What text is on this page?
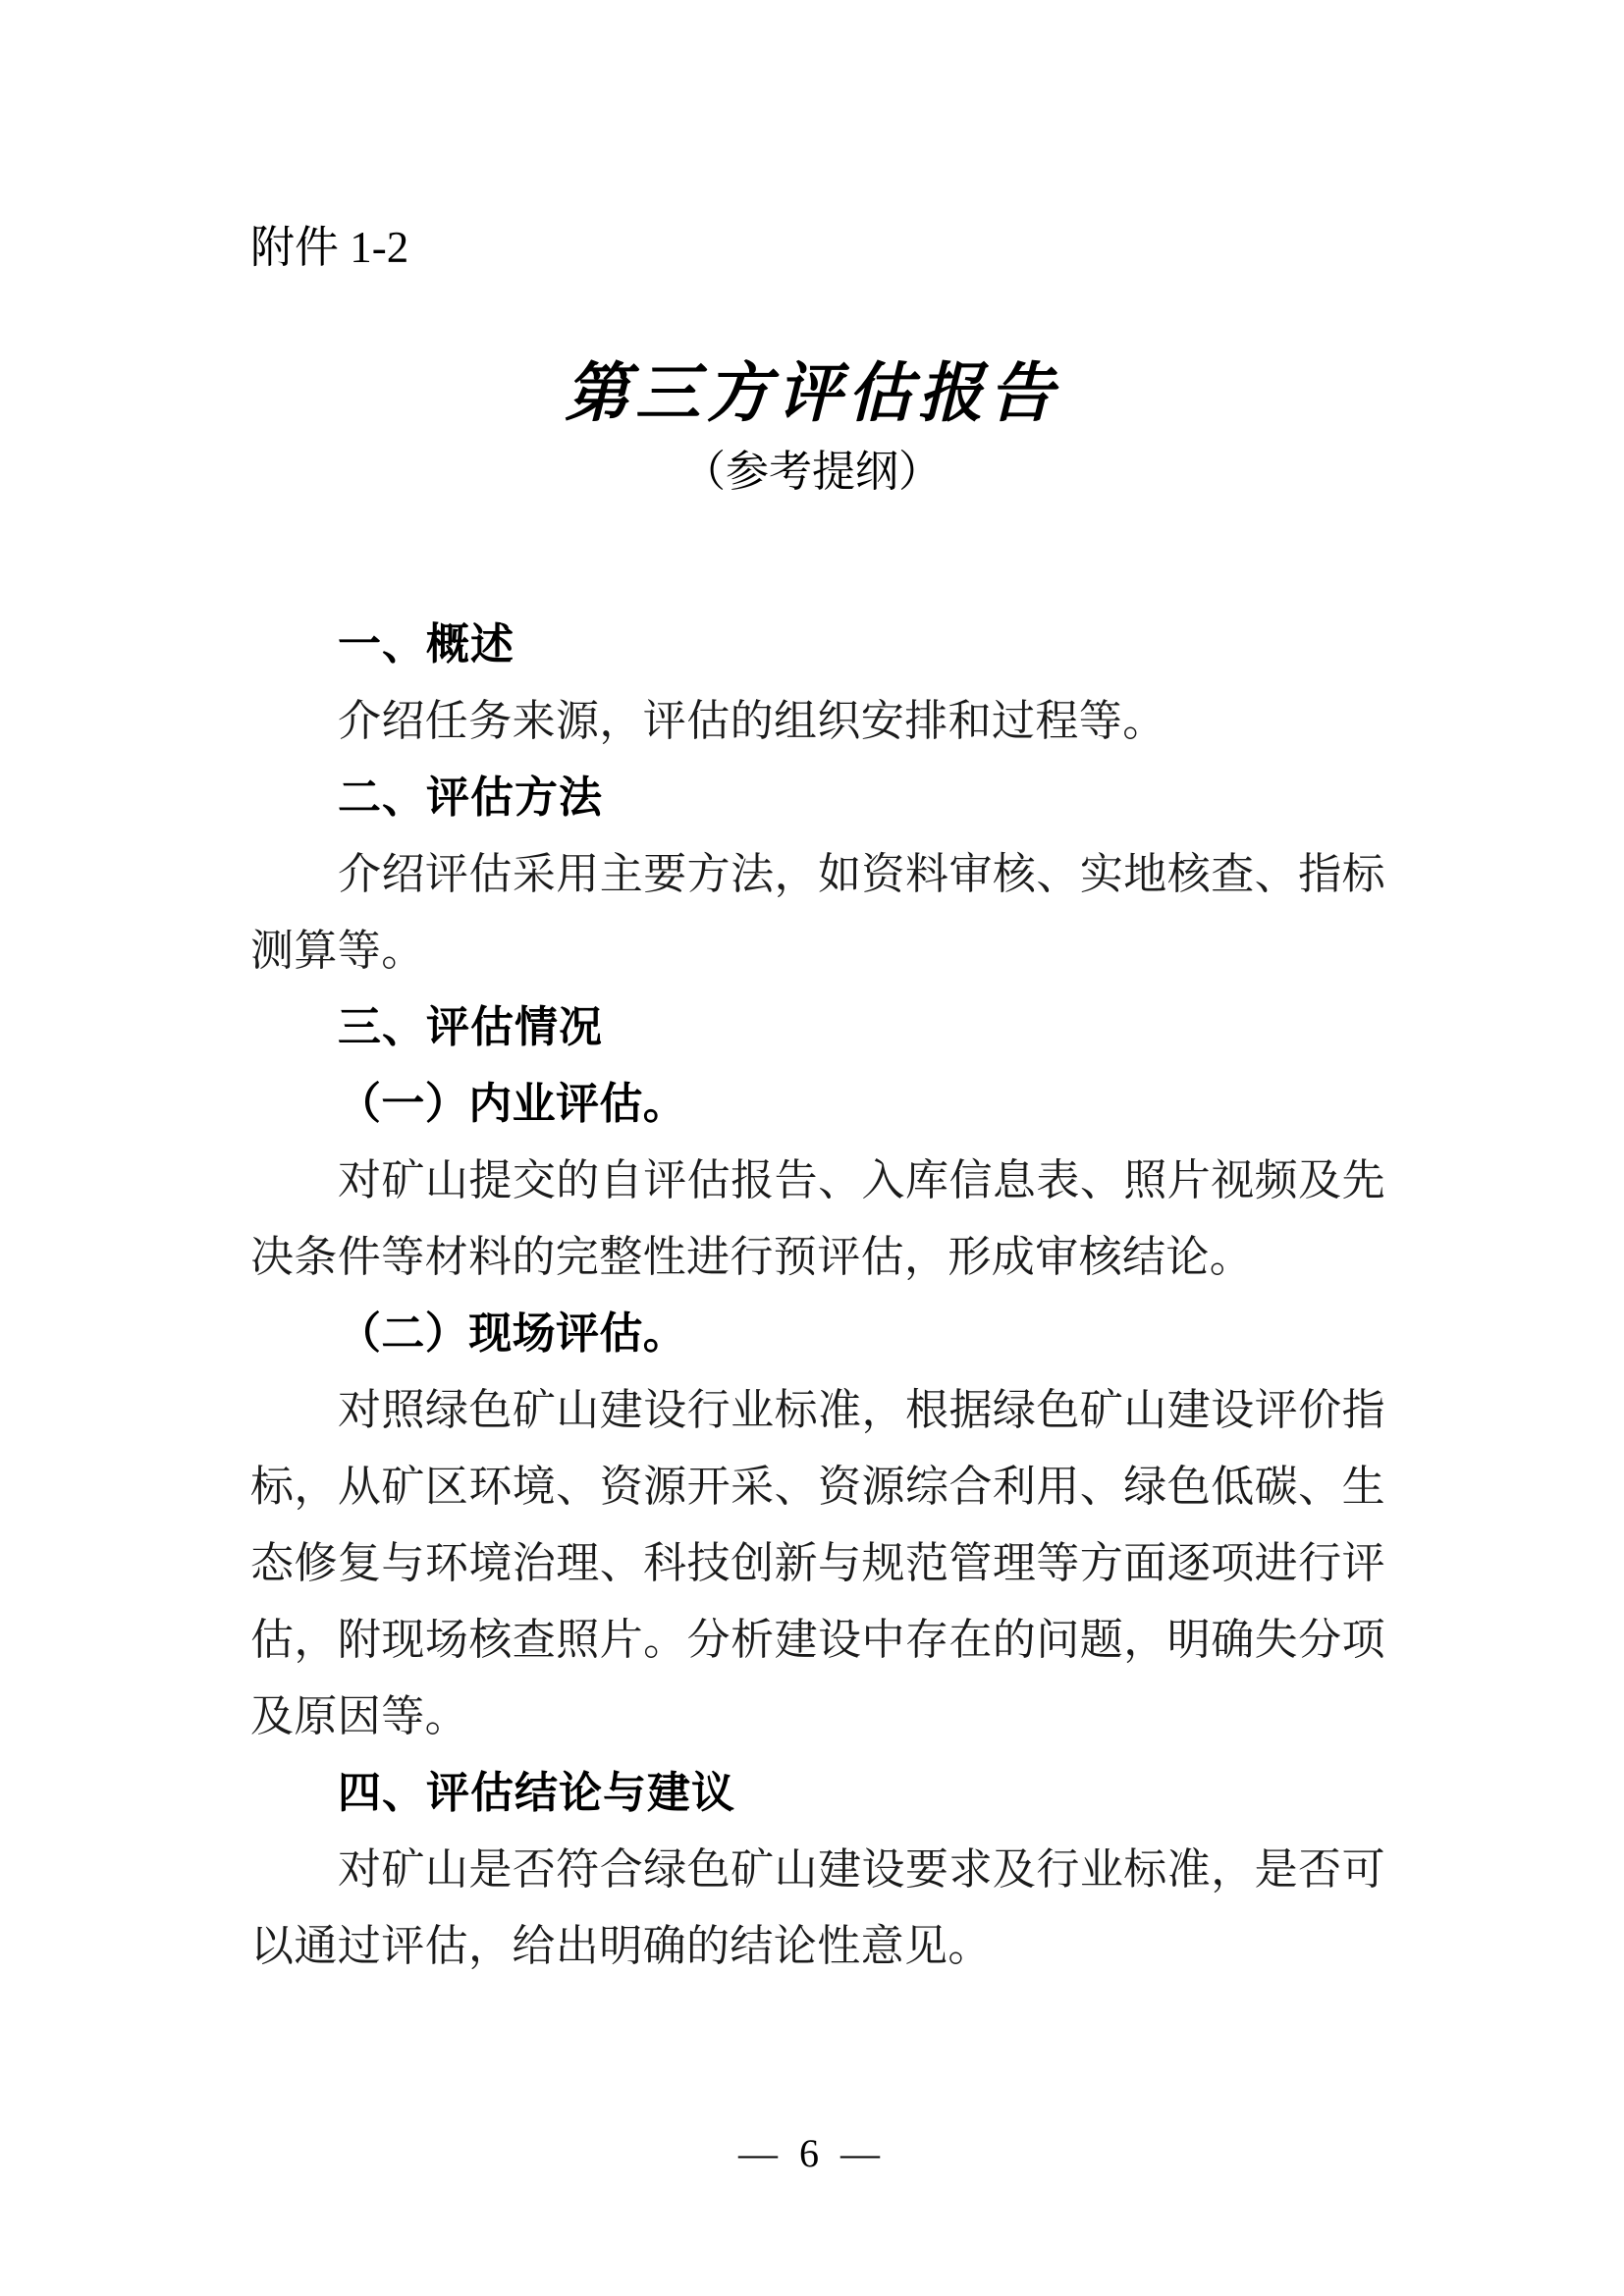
附件 1-2
第三方评估报告
（参考提纲）
一、概述

介绍任务来源，评估的组织安排和过程等。

二、评估方法

介绍评估采用主要方法，如资料审核、实地核查、指标测算等。

三、评估情况
（一）内业评估。

对矿山提交的自评估报告、入库信息表、照片视频及先决条件等材料的完整性进行预评估，形成审核结论。

（二）现场评估。

对照绿色矿山建设行业标准，根据绿色矿山建设评价指标，从矿区环境、资源开采、资源综合利用、绿色低碳、生态修复与环境治理、科技创新与规范管理等方面逐项进行评估，附现场核查照片。分析建设中存在的问题，明确失分项及原因等。

四、评估结论与建议

对矿山是否符合绿色矿山建设要求及行业标准，是否可以通过评估，给出明确的结论性意见。

— 6 —
